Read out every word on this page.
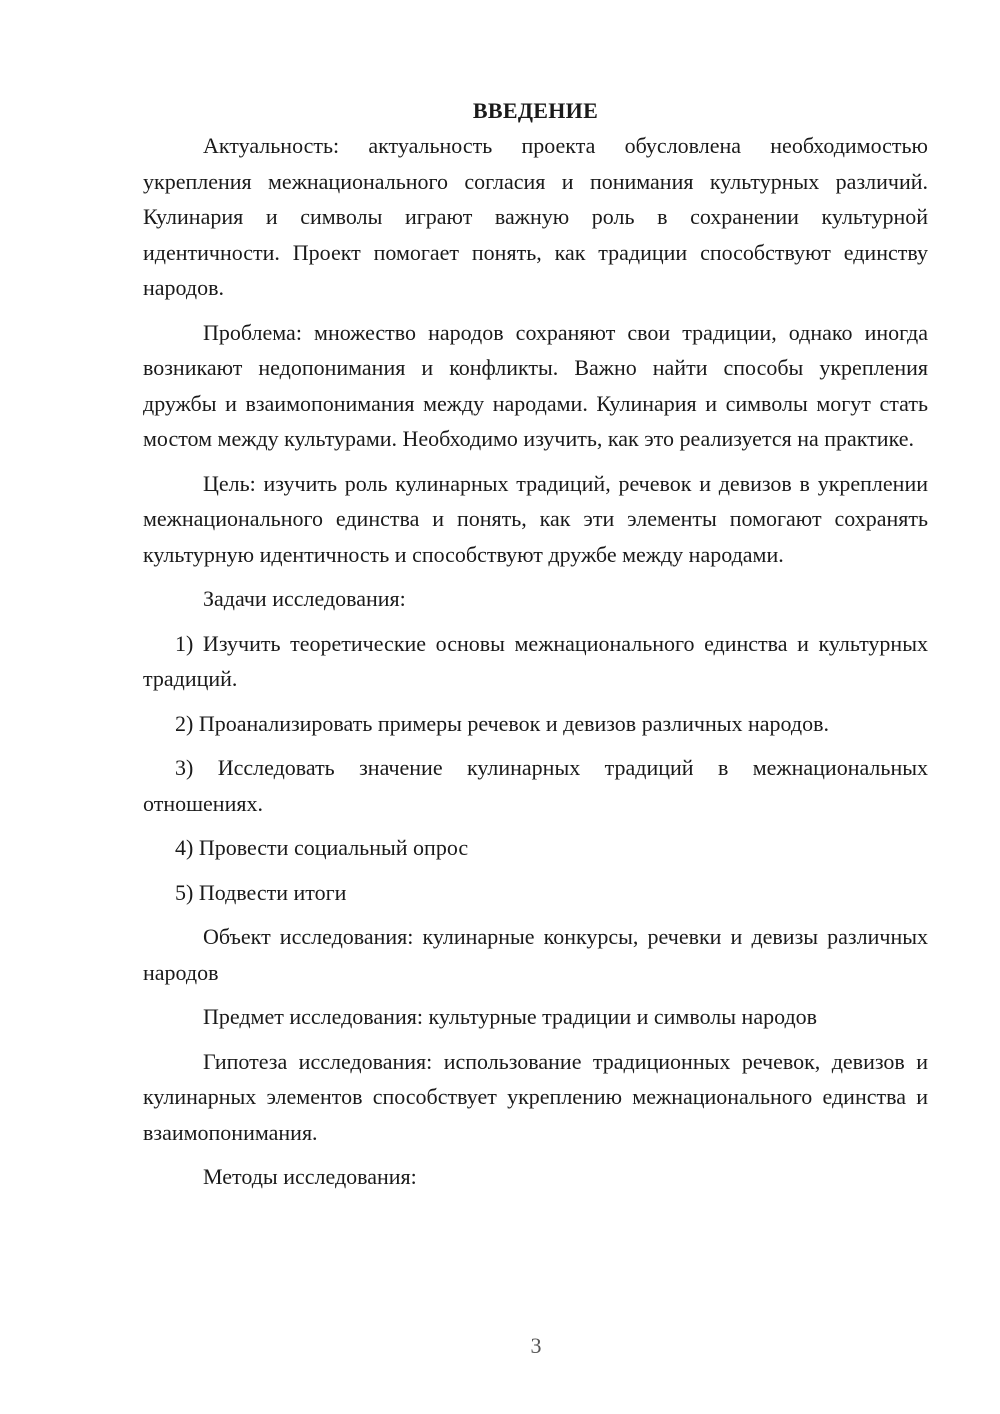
ВВЕДЕНИЕ

Актуальность: актуальность проекта обусловлена необходимостью укрепления межнационального согласия и понимания культурных различий. Кулинария и символы играют важную роль в сохранении культурной идентичности. Проект помогает понять, как традиции способствуют единству народов.

Проблема: множество народов сохраняют свои традиции, однако иногда возникают недопонимания и конфликты. Важно найти способы укрепления дружбы и взаимопонимания между народами. Кулинария и символы могут стать мостом между культурами. Необходимо изучить, как это реализуется на практике.

Цель: изучить роль кулинарных традиций, речевок и девизов в укреплении межнационального единства и понять, как эти элементы помогают сохранять культурную идентичность и способствуют дружбе между народами.

Задачи исследования:

1) Изучить теоретические основы межнационального единства и культурных традиций.

2) Проанализировать примеры речевок и девизов различных народов.

3) Исследовать значение кулинарных традиций в межнациональных отношениях.

4) Провести социальный опрос

5) Подвести итоги

Объект исследования: кулинарные конкурсы, речевки и девизы различных народов

Предмет исследования: культурные традиции и символы народов

Гипотеза исследования: использование традиционных речевок, девизов и кулинарных элементов способствует укреплению межнационального единства и взаимопонимания.

Методы исследования:

3
